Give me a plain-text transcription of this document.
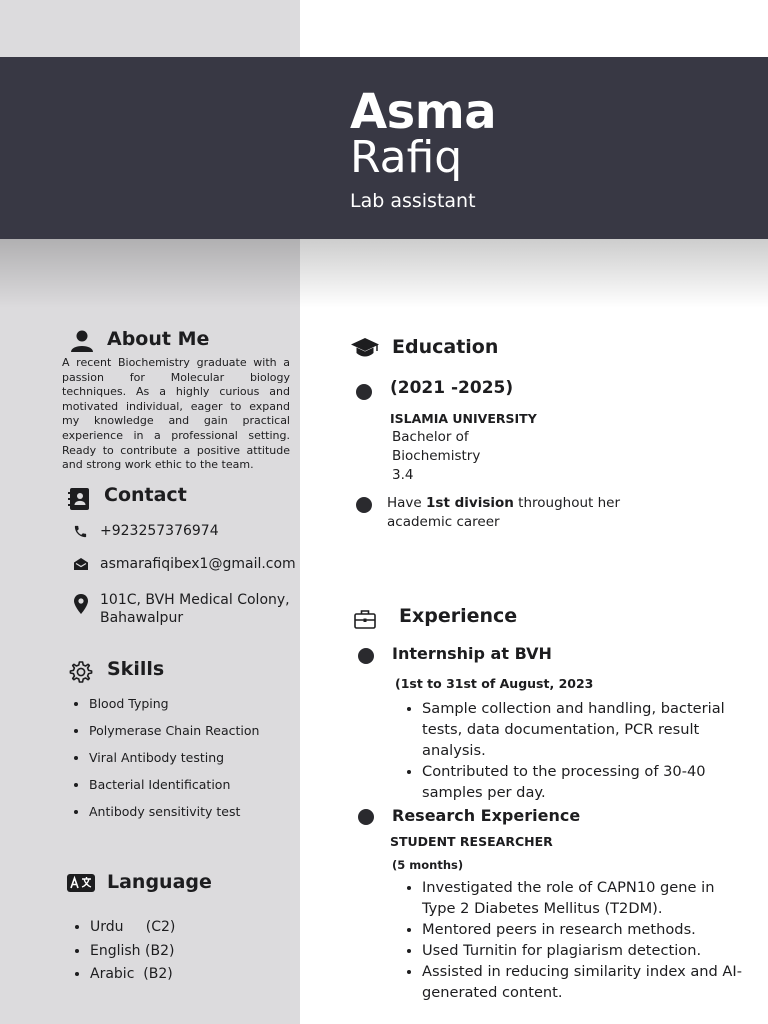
Asma
Rafiq
Lab assistant
About Me
A recent Biochemistry graduate with a passion for Molecular biology techniques. As a highly curious and motivated individual, eager to expand my knowledge and gain practical experience in a professional setting. Ready to contribute a positive attitude and strong work ethic to the team.
Contact
+923257376974
asmarafiqibex1@gmail.com
101C, BVH Medical Colony,
Bahawalpur
Skills
• Blood Typing
• Polymerase Chain Reaction
• Viral Antibody testing
• Bacterial Identification
• Antibody sensitivity test
Language
• Urdu     (C2)
• English (B2)
• Arabic  (B2)
Education
(2021 -2025)
ISLAMIA UNIVERSITY
Bachelor of Biochemistry
3.4
Have 1st division throughout her academic career
Experience
Internship at BVH
(1st to 31st of August, 2023
• Sample collection and handling, bacterial tests, data documentation, PCR result analysis.
• Contributed to the processing of 30-40 samples per day.
Research Experience
STUDENT RESEARCHER
(5 months)
• Investigated the role of CAPN10 gene in Type 2 Diabetes Mellitus (T2DM).
• Mentored peers in research methods.
• Used Turnitin for plagiarism detection.
• Assisted in reducing similarity index and AI-generated content.
